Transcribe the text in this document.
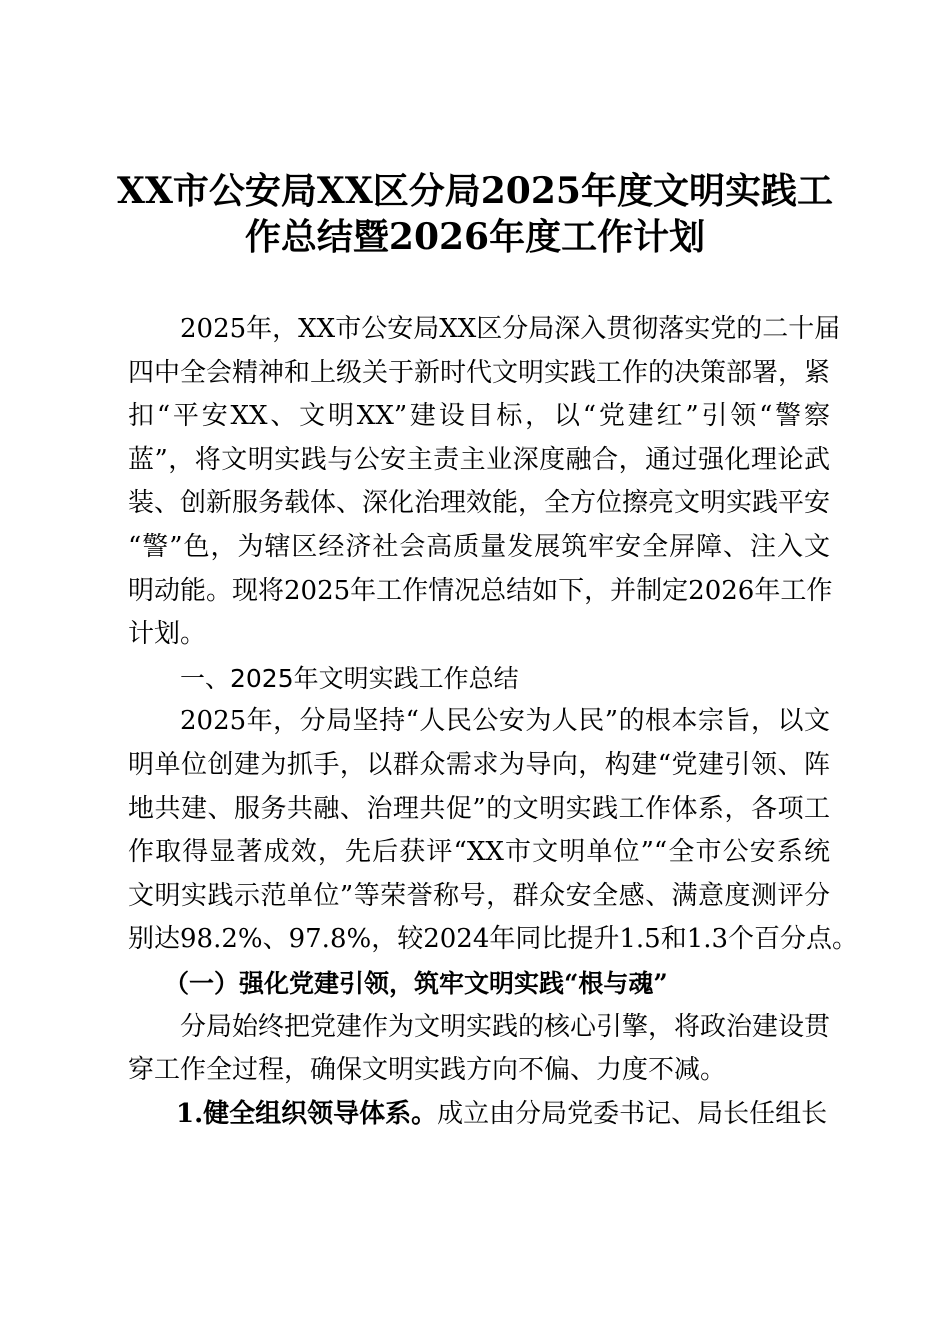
XX市公安局XX区分局2025年度文明实践工
作总结暨2026年度工作计划
2025年，XX市公安局XX区分局深入贯彻落实党的二十届
四中全会精神和上级关于新时代文明实践工作的决策部署，紧
扣“平安XX、文明XX”建设目标，以“党建红”引领“警察
蓝”，将文明实践与公安主责主业深度融合，通过强化理论武
装、创新服务载体、深化治理效能，全方位擦亮文明实践平安
“警”色，为辖区经济社会高质量发展筑牢安全屏障、注入文
明动能。现将2025年工作情况总结如下，并制定2026年工作
计划。
一、2025年文明实践工作总结
2025年，分局坚持“人民公安为人民”的根本宗旨，以文
明单位创建为抓手，以群众需求为导向，构建“党建引领、阵
地共建、服务共融、治理共促”的文明实践工作体系，各项工
作取得显著成效，先后获评“XX市文明单位”“全市公安系统
文明实践示范单位”等荣誉称号，群众安全感、满意度测评分
别达98.2%、97.8%，较2024年同比提升1.5和1.3个百分点。
（一）强化党建引领，筑牢文明实践“根与魂”
分局始终把党建作为文明实践的核心引擎，将政治建设贯
穿工作全过程，确保文明实践方向不偏、力度不减。
1.健全组织领导体系。成立由分局党委书记、局长任组长
